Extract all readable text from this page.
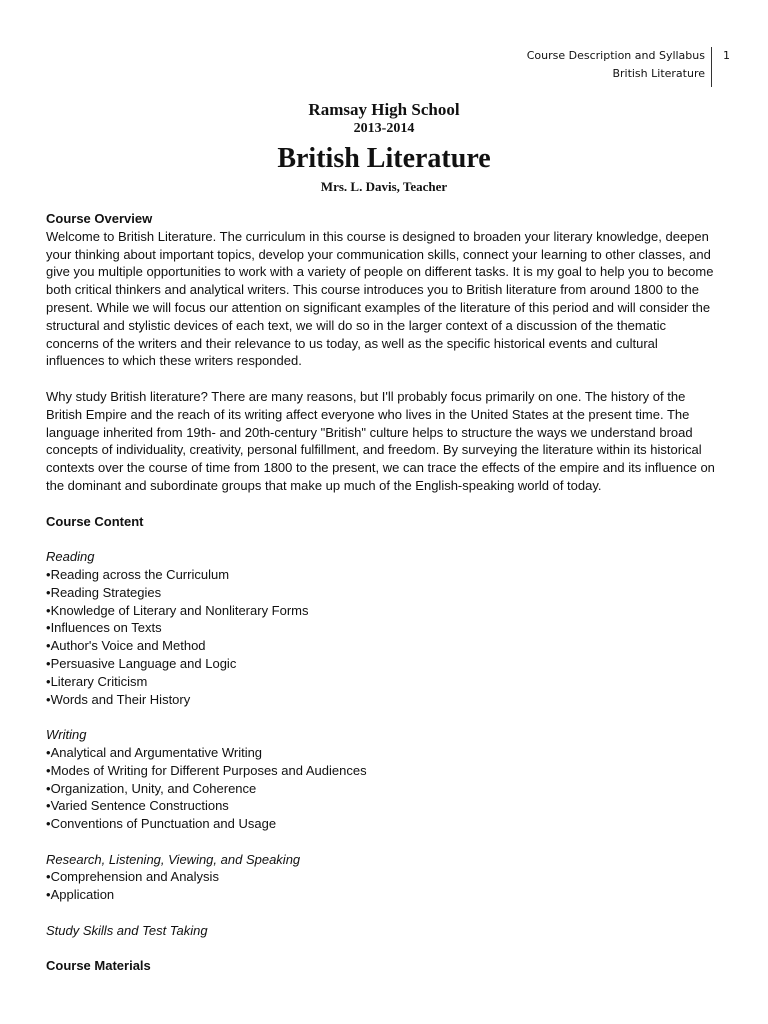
Course Description and Syllabus
British Literature
1
Ramsay High School
2013-2014
British Literature
Mrs. L. Davis, Teacher
Course Overview

Welcome to British Literature. The curriculum in this course is designed to broaden your literary knowledge, deepen your thinking about important topics, develop your communication skills, connect your learning to other classes, and give you multiple opportunities to work with a variety of people on different tasks. It is my goal to help you to become both critical thinkers and analytical writers. This course introduces you to British literature from around 1800 to the present. While we will focus our attention on significant examples of the literature of this period and will consider the structural and stylistic devices of each text, we will do so in the larger context of a discussion of the thematic concerns of the writers and their relevance to us today, as well as the specific historical events and cultural influences to which these writers responded.

Why study British literature? There are many reasons, but I'll probably focus primarily on one. The history of the British Empire and the reach of its writing affect everyone who lives in the United States at the present time. The language inherited from 19th- and 20th-century "British" culture helps to structure the ways we understand broad concepts of individuality, creativity, personal fulfillment, and freedom. By surveying the literature within its historical contexts over the course of time from 1800 to the present, we can trace the effects of the empire and its influence on the dominant and subordinate groups that make up much of the English-speaking world of today.

Course Content
Reading
• Reading across the Curriculum
• Reading Strategies
• Knowledge of Literary and Nonliterary Forms
• Influences on Texts
• Author's Voice and Method
• Persuasive Language and Logic
• Literary Criticism
• Words and Their History
Writing
• Analytical and Argumentative Writing
• Modes of Writing for Different Purposes and Audiences
• Organization, Unity, and Coherence
• Varied Sentence Constructions
• Conventions of Punctuation and Usage
Research, Listening, Viewing, and Speaking
• Comprehension and Analysis
• Application
Study Skills and Test Taking
Course Materials
